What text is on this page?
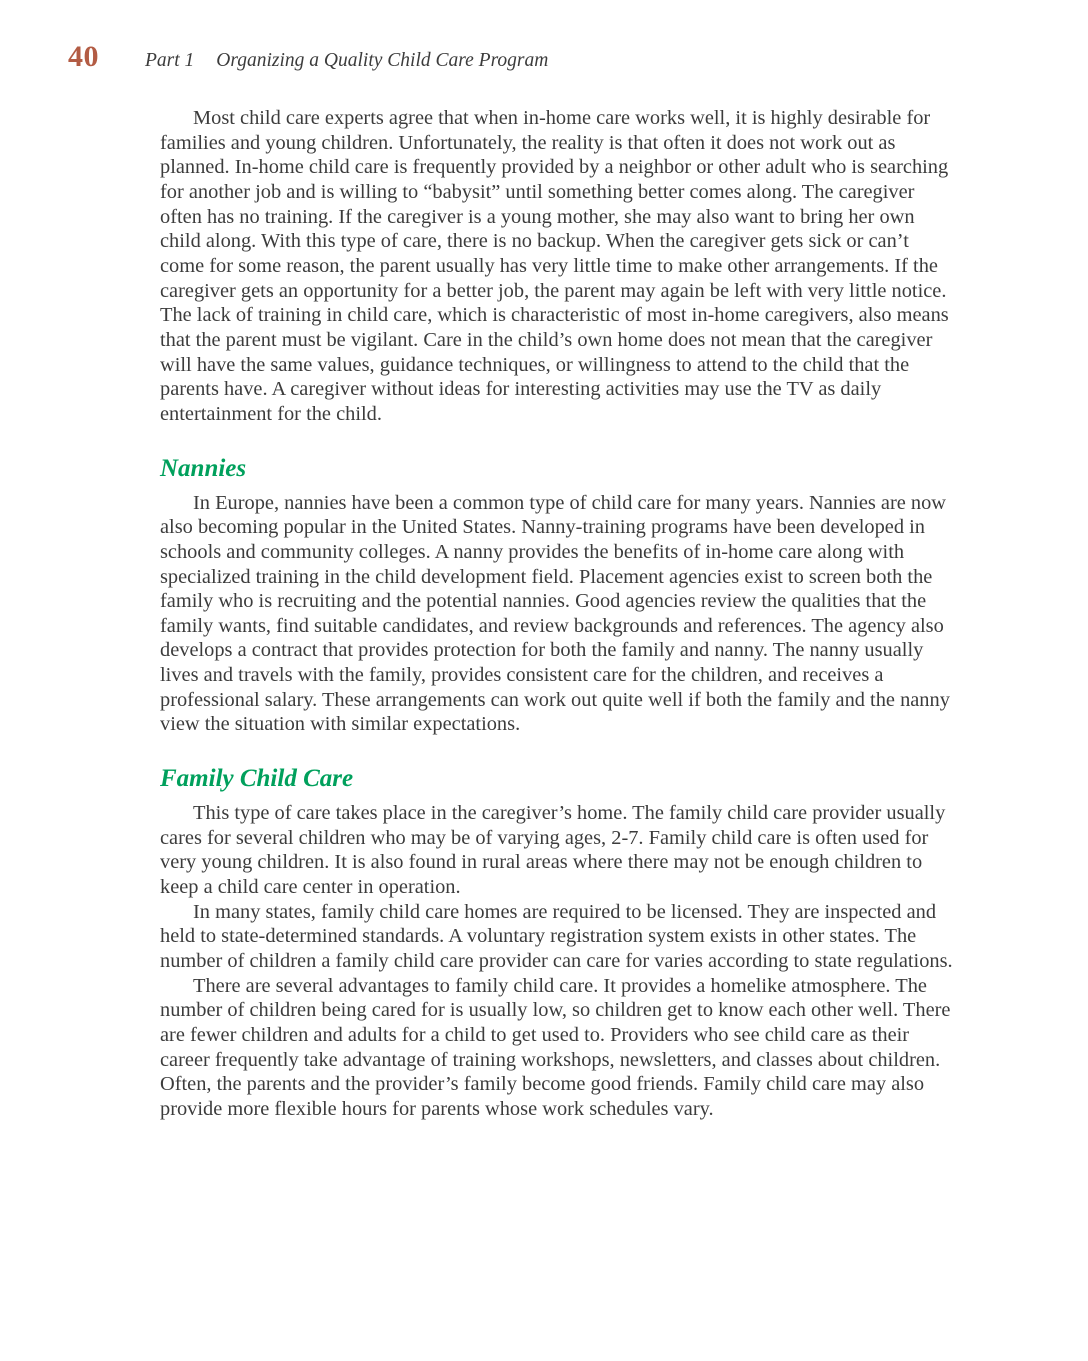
40 Part 1 Organizing a Quality Child Care Program

Most child care experts agree that when in-home care works well, it is highly desirable for families and young children. Unfortunately, the reality is that often it does not work out as planned. In-home child care is frequently provided by a neighbor or other adult who is searching for another job and is willing to “babysit” until something better comes along. The caregiver often has no training. If the caregiver is a young mother, she may also want to bring her own child along. With this type of care, there is no backup. When the caregiver gets sick or can’t come for some reason, the parent usually has very little time to make other arrangements. If the caregiver gets an opportunity for a better job, the parent may again be left with very little notice. The lack of training in child care, which is characteristic of most in-home caregivers, also means that the parent must be vigilant. Care in the child’s own home does not mean that the caregiver will have the same values, guidance techniques, or willingness to attend to the child that the parents have. A caregiver without ideas for interesting activities may use the TV as daily entertainment for the child.

Nannies

In Europe, nannies have been a common type of child care for many years. Nannies are now also becoming popular in the United States. Nanny-training programs have been developed in schools and community colleges. A nanny provides the benefits of in-home care along with specialized training in the child development field. Placement agencies exist to screen both the family who is recruiting and the potential nannies. Good agencies review the qualities that the family wants, find suitable candidates, and review backgrounds and references. The agency also develops a contract that provides protection for both the family and nanny. The nanny usually lives and travels with the family, provides consistent care for the children, and receives a professional salary. These arrangements can work out quite well if both the family and the nanny view the situation with similar expectations.

Family Child Care

This type of care takes place in the caregiver’s home. The family child care provider usually cares for several children who may be of varying ages, 2-7. Family child care is often used for very young children. It is also found in rural areas where there may not be enough children to keep a child care center in operation.

In many states, family child care homes are required to be licensed. They are inspected and held to state-determined standards. A voluntary registration system exists in other states. The number of children a family child care provider can care for varies according to state regulations.

There are several advantages to family child care. It provides a homelike atmosphere. The number of children being cared for is usually low, so children get to know each other well. There are fewer children and adults for a child to get used to. Providers who see child care as their career frequently take advantage of training workshops, newsletters, and classes about children. Often, the parents and the provider’s family become good friends. Family child care may also provide more flexible hours for parents whose work schedules vary.
